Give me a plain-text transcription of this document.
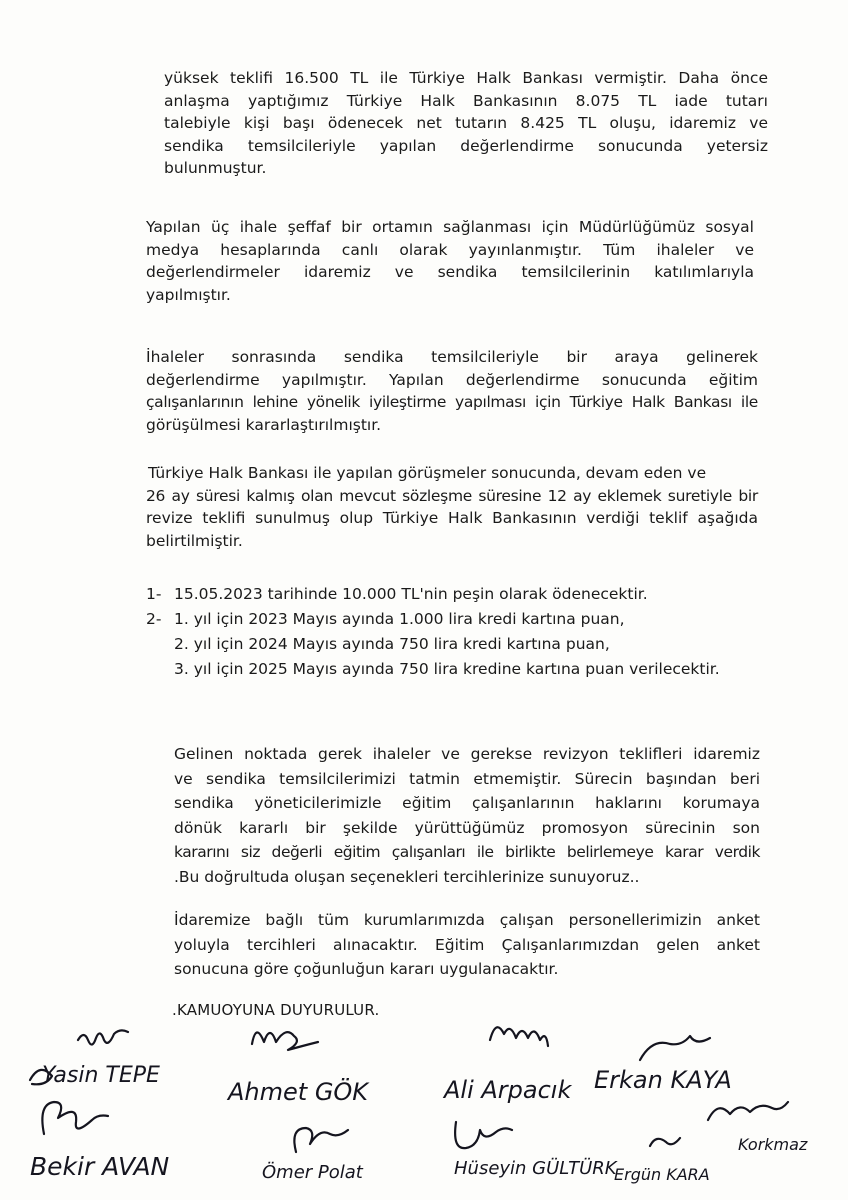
yüksek teklifi 16.500 TL ile Türkiye Halk Bankası vermiştir. Daha önce

anlaşma yaptığımız Türkiye Halk Bankasının 8.075 TL iade tutarı

talebiyle kişi başı ödenecek net tutarın 8.425 TL oluşu, idaremiz ve

sendika temsilcileriyle yapılan değerlendirme sonucunda yetersiz

bulunmuştur.

Yapılan üç ihale şeffaf bir ortamın sağlanması için Müdürlüğümüz sosyal

medya hesaplarında canlı olarak yayınlanmıştır. Tüm ihaleler ve

değerlendirmeler idaremiz ve sendika temsilcilerinin katılımlarıyla

yapılmıştır.

İhaleler sonrasında sendika temsilcileriyle bir araya gelinerek

değerlendirme yapılmıştır. Yapılan değerlendirme sonucunda eğitim

çalışanlarının lehine yönelik iyileştirme yapılması için Türkiye Halk Bankası ile

görüşülmesi kararlaştırılmıştır.

Türkiye Halk Bankası ile yapılan görüşmeler sonucunda, devam eden ve

26 ay süresi kalmış olan mevcut sözleşme süresine 12 ay eklemek suretiyle bir

revize teklifi sunulmuş olup Türkiye Halk Bankasının verdiği teklif aşağıda

belirtilmiştir.

1- 15.05.2023 tarihinde 10.000 TL'nin peşin olarak ödenecektir.
2- 1. yıl için 2023 Mayıs ayında 1.000 lira kredi kartına puan,
2. yıl için 2024 Mayıs ayında 750 lira kredi kartına puan,
3. yıl için 2025 Mayıs ayında 750 lira kredine kartına puan verilecektir.

Gelinen noktada gerek ihaleler ve gerekse revizyon teklifleri idaremiz

ve sendika temsilcilerimizi tatmin etmemiştir. Sürecin başından beri

sendika yöneticilerimizle eğitim çalışanlarının haklarını korumaya

dönük kararlı bir şekilde yürüttüğümüz promosyon sürecinin son

kararını siz değerli eğitim çalışanları ile birlikte belirlemeye karar verdik

.Bu doğrultuda oluşan seçenekleri tercihlerinize sunuyoruz..

İdaremize bağlı tüm kurumlarımızda çalışan personellerimizin anket

yoluyla tercihleri alınacaktır. Eğitim Çalışanlarımızdan gelen anket

sonucuna göre çoğunluğun kararı uygulanacaktır.

.KAMUOYUNA DUYURULUR.
Yasin TEPE
Ahmet GÖK	Ali Arpacık Erkan KAYA
Bekir AVAN	Ömer Polat	Hüseyin GÜLTÜRK
Ergün KARA
Korkmaz
